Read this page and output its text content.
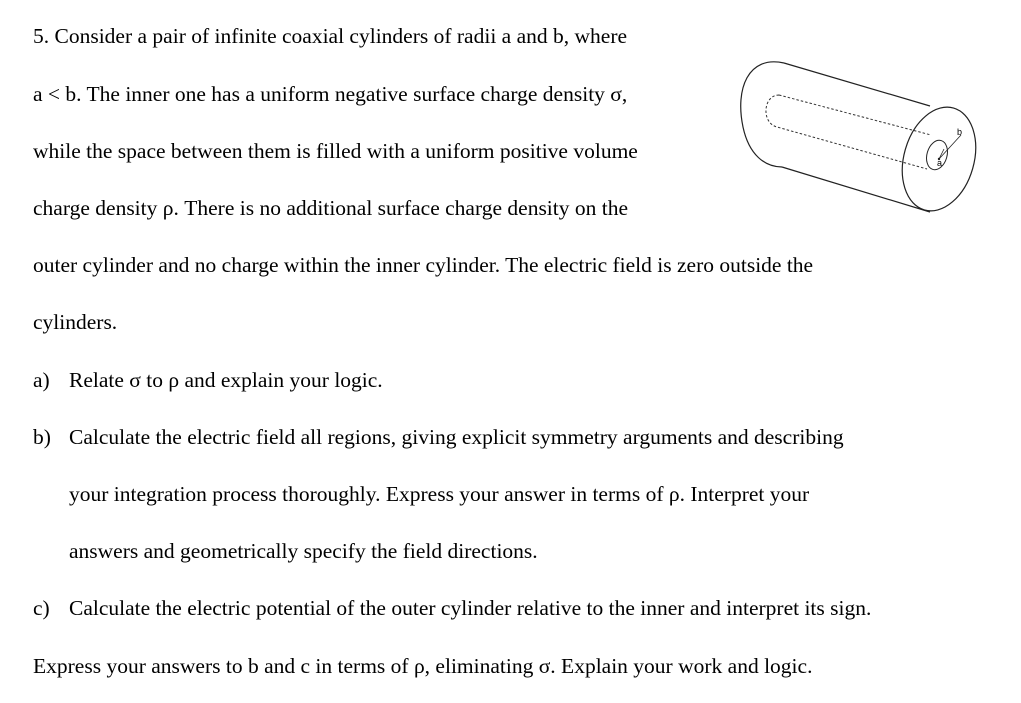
5. Consider a pair of infinite coaxial cylinders of radii a and b, where
a < b. The inner one has a uniform negative surface charge density σ,
while the space between them is filled with a uniform positive volume
charge density ρ. There is no additional surface charge density on the
outer cylinder and no charge within the inner cylinder. The electric field is zero outside the
cylinders.
a) Relate σ to ρ and explain your logic.
b) Calculate the electric field all regions, giving explicit symmetry arguments and describing
your integration process thoroughly. Express your answer in terms of ρ. Interpret your
answers and geometrically specify the field directions.
c) Calculate the electric potential of the outer cylinder relative to the inner and interpret its sign.
Express your answers to b and c in terms of ρ, eliminating σ. Explain your work and logic.
b
a
